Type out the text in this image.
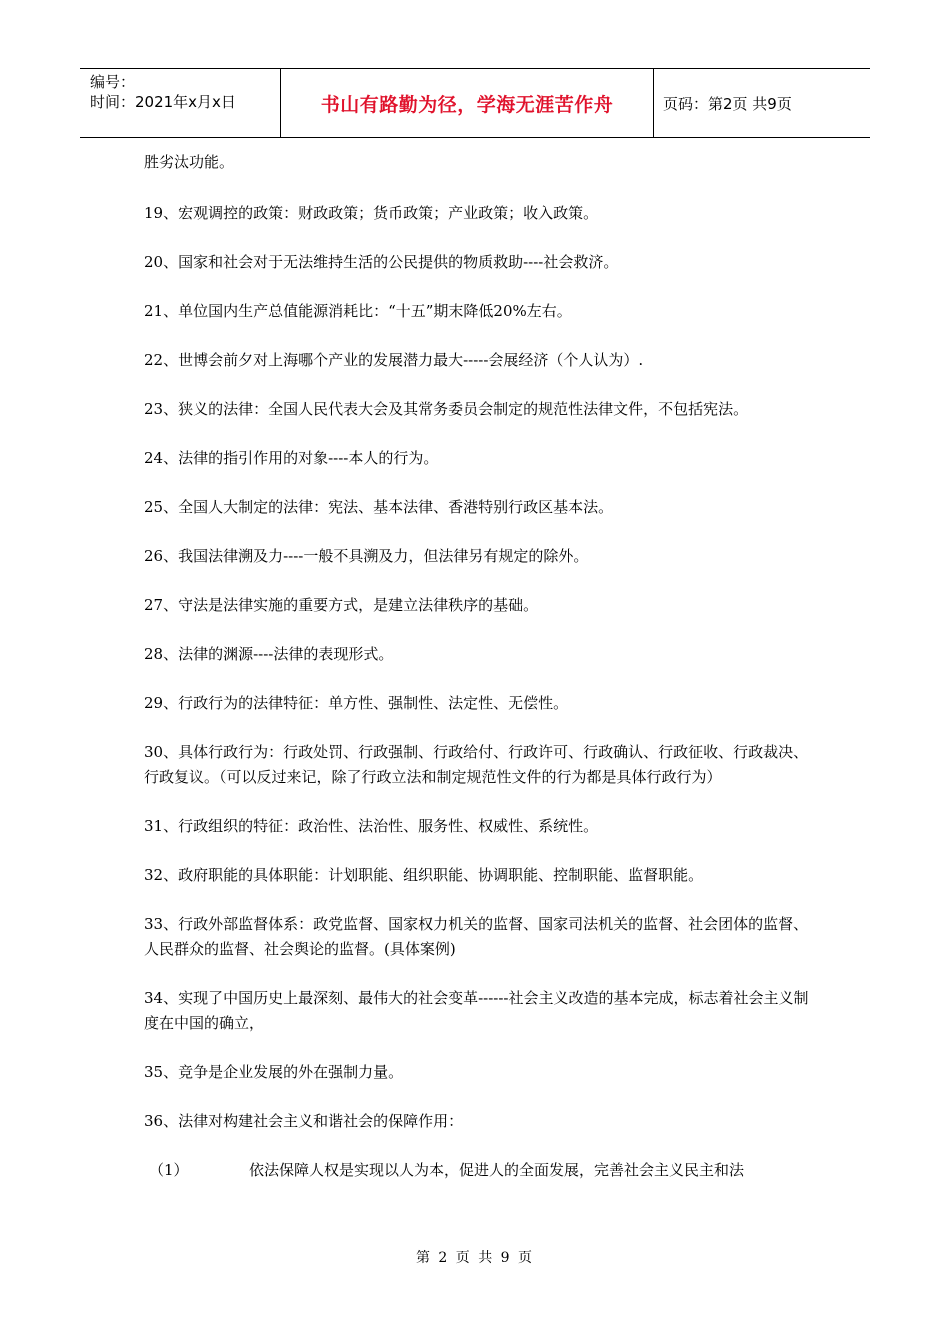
编号：
时间：2021年x月x日	书山有路勤为径，学海无涯苦作舟	页码：第2页 共9页

胜劣汰功能。

19、宏观调控的政策：财政政策；货币政策；产业政策；收入政策。

20、国家和社会对于无法维持生活的公民提供的物质救助----社会救济。

21、单位国内生产总值能源消耗比：“十五”期末降低20%左右。

22、世博会前夕对上海哪个产业的发展潜力最大-----会展经济（个人认为）.

23、狭义的法律：全国人民代表大会及其常务委员会制定的规范性法律文件，不包括宪法。

24、法律的指引作用的对象----本人的行为。

25、全国人大制定的法律：宪法、基本法律、香港特别行政区基本法。

26、我国法律溯及力----一般不具溯及力，但法律另有规定的除外。

27、守法是法律实施的重要方式，是建立法律秩序的基础。

28、法律的渊源----法律的表现形式。

29、行政行为的法律特征：单方性、强制性、法定性、无偿性。

30、具体行政行为：行政处罚、行政强制、行政给付、行政许可、行政确认、行政征收、行政裁决、行政复议。（可以反过来记，除了行政立法和制定规范性文件的行为都是具体行政行为）

31、行政组织的特征：政治性、法治性、服务性、权威性、系统性。

32、政府职能的具体职能：计划职能、组织职能、协调职能、控制职能、监督职能。

33、行政外部监督体系：政党监督、国家权力机关的监督、国家司法机关的监督、社会团体的监督、人民群众的监督、社会舆论的监督。(具体案例)

34、实现了中国历史上最深刻、最伟大的社会变革------社会主义改造的基本完成，标志着社会主义制度在中国的确立，

35、竞争是企业发展的外在强制力量。

36、法律对构建社会主义和谐社会的保障作用：

（1）	依法保障人权是实现以人为本，促进人的全面发展，完善社会主义民主和法
第 2 页 共 9 页
